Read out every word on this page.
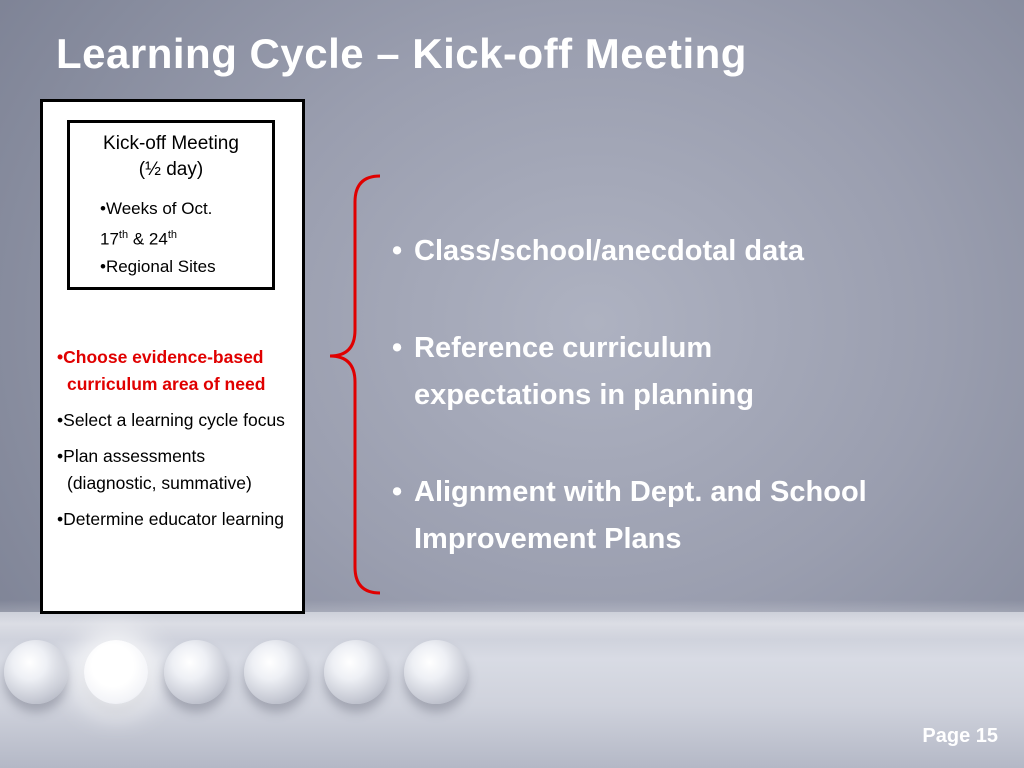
Learning Cycle – Kick-off Meeting
Kick-off Meeting
(½ day)
•Weeks of Oct.
17th & 24th
•Regional Sites
•Choose evidence-based curriculum area of need
•Select a learning cycle focus
•Plan assessments (diagnostic, summative)
•Determine educator learning
• Class/school/anecdotal data
• Reference curriculum expectations in planning
• Alignment with Dept. and School Improvement Plans
Page 15
